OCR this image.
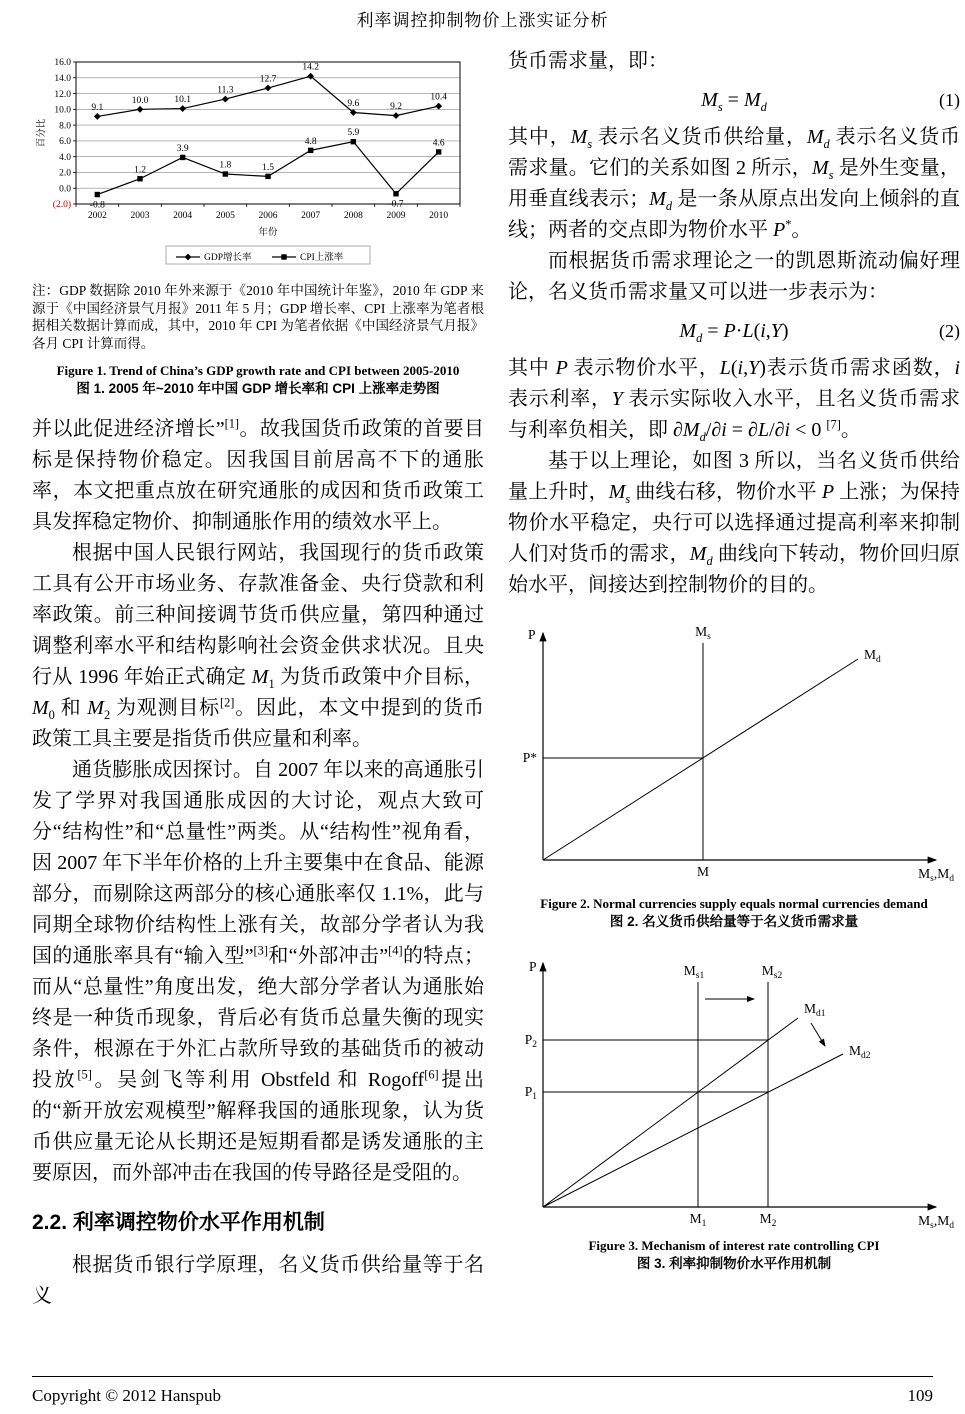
利率调控抑制物价上涨实证分析
16.0
14.0
12.0
10.0
8.0
6.0
4.0
2.0
0.0
(2.0)
2002 2003 2004 2005 2006 2007 2008 2009 2010
9.1
10.0	10.1
11.3
12.7
14.2
9.6	9.2
10.4
-0.8
1.2
3.9
1.8	1.5
4.8
5.9
-0.7
4.6
年份
百分比
GDP增长率	CPI上涨率

注：GDP 数据除 2010 年外来源于《2010 年中国统计年鉴》，2010 年 GDP 来源于《中国经济景气月报》2011 年 5 月；GDP 增长率、CPI 上涨率为笔者根据相关数据计算而成，其中，2010 年 CPI 为笔者依据《中国经济景气月报》各月 CPI 计算而得。

Figure 1. Trend of China’s GDP growth rate and CPI between 2005-2010
图 1. 2005 年~2010 年中国 GDP 增长率和 CPI 上涨率走势图

并以此促进经济增长”[1]。故我国货币政策的首要目标是保持物价稳定。因我国目前居高不下的通胀率，本文把重点放在研究通胀的成因和货币政策工具发挥稳定物价、抑制通胀作用的绩效水平上。

根据中国人民银行网站，我国现行的货币政策工具有公开市场业务、存款准备金、央行贷款和利率政策。前三种间接调节货币供应量，第四种通过调整利率水平和结构影响社会资金供求状况。且央行从 1996 年始正式确定 $M_1$ 为货币政策中介目标，$M_0$ 和 $M_2$ 为观测目标[2]。因此，本文中提到的货币政策工具主要是指货币供应量和利率。

通货膨胀成因探讨。自 2007 年以来的高通胀引发了学界对我国通胀成因的大讨论，观点大致可分“结构性”和“总量性”两类。从“结构性”视角看，因 2007 年下半年价格的上升主要集中在食品、能源部分，而剔除这两部分的核心通胀率仅 1.1%，此与同期全球物价结构性上涨有关，故部分学者认为我国的通胀率具有“输入型”[3]和“外部冲击”[4]的特点；而从“总量性”角度出发，绝大部分学者认为通胀始终是一种货币现象，背后必有货币总量失衡的现实条件，根源在于外汇占款所导致的基础货币的被动投放[5]。吴剑飞等利用 Obstfeld 和 Rogoff[6]提出的“新开放宏观模型”解释我国的通胀现象，认为货币供应量无论从长期还是短期看都是诱发通胀的主要原因，而外部冲击在我国的传导路径是受阻的。

2.2. 利率调控物价水平作用机制

根据货币银行学原理，名义货币供给量等于名义

货币需求量，即：

$M_s = M_d$	(1)

其中，$M_s$ 表示名义货币供给量，$M_d$ 表示名义货币需求量。它们的关系如图 2 所示，$M_s$ 是外生变量，用垂直线表示；$M_d$ 是一条从原点出发向上倾斜的直线；两者的交点即为物价水平 P*。

而根据货币需求理论之一的凯恩斯流动偏好理论，名义货币需求量又可以进一步表示为：

$M_d = P\cdot L(i,Y)$	(2)

其中 P 表示物价水平，L(i,Y)表示货币需求函数，i 表示利率，Y 表示实际收入水平，且名义货币需求与利率负相关，即 $\partial M_d/\partial i = \partial L/\partial i < 0$ [7]。

基于以上理论，如图 3 所以，当名义货币供给量上升时，$M_s$ 曲线右移，物价水平 P 上涨；为保持物价水平稳定，央行可以选择通过提高利率来抑制人们对货币的需求，$M_d$ 曲线向下转动，物价回归原始水平，间接达到控制物价的目的。

P	$M_s$
$M_d$
P*
M	$M_s,M_d$
Figure 2. Normal currencies supply equals normal currencies demand
图 2. 名义货币供给量等于名义货币需求量
P	$M_{s1}$	$M_{s2}$
$M_{d1}$
$M_{d2}$
$P_2$
$P_1$
$M_1$	$M_2$	$M_s,M_d$
Figure 3. Mechanism of interest rate controlling CPI
图 3. 利率抑制物价水平作用机制
Copyright © 2012 Hanspub	109
